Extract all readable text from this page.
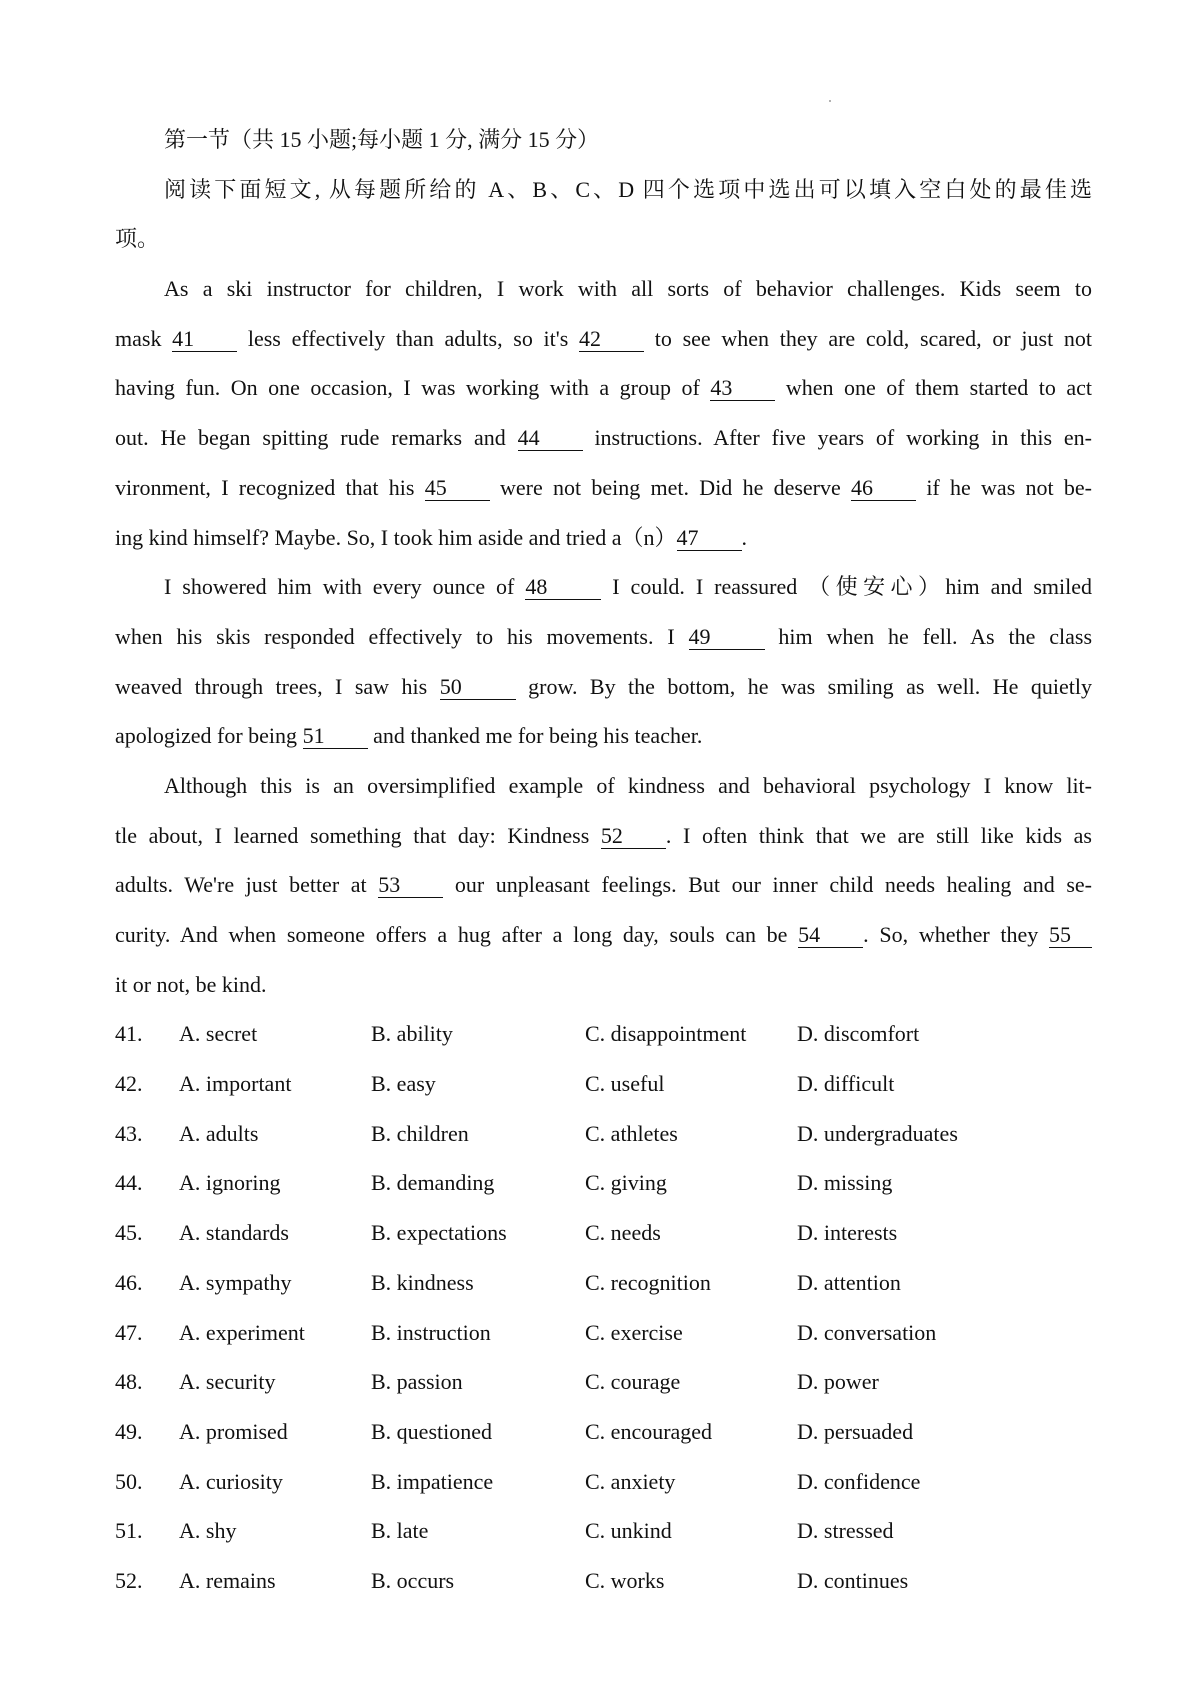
第一节（共 15 小题;每小题 1 分, 满分 15 分）
阅读下面短文, 从每题所给的 A、B、C、D 四个选项中选出可以填入空白处的最佳选
项。
As a ski instructor for children, I work with all sorts of behavior challenges. Kids seem to
mask 41 less effectively than adults, so it's 42 to see when they are cold, scared, or just not
having fun. On one occasion, I was working with a group of 43 when one of them started to act
out. He began spitting rude remarks and 44 instructions. After five years of working in this en-
vironment, I recognized that his 45 were not being met. Did he deserve 46 if he was not be-
ing kind himself? Maybe. So, I took him aside and tried a（n）47 .
I showered him with every ounce of 48 I could. I reassured （使安心）him and smiled
when his skis responded effectively to his movements. I 49 him when he fell. As the class
weaved through trees, I saw his 50 grow. By the bottom, he was smiling as well. He quietly
apologized for being 51 and thanked me for being his teacher.
Although this is an oversimplified example of kindness and behavioral psychology I know lit-
tle about, I learned something that day: Kindness 52 . I often think that we are still like kids as
adults. We're just better at 53 our unpleasant feelings. But our inner child needs healing and se-
curity. And when someone offers a hug after a long day, souls can be 54 . So, whether they 55
it or not, be kind.
41. A. secret	B. ability	C. disappointment D. discomfort
42. A. important	B. easy	C. useful	D. difficult
43. A. adults	B. children	C. athletes	D. undergraduates
44. A. ignoring	B. demanding	C. giving	D. missing
45. A. standards	B. expectations	C. needs	D. interests
46. A. sympathy	B. kindness	C. recognition	D. attention
47. A. experiment	B. instruction	C. exercise	D. conversation
48. A. security	B. passion	C. courage	D. power
49. A. promised	B. questioned	C. encouraged	D. persuaded
50. A. curiosity	B. impatience	C. anxiety	D. confidence
51. A. shy	B. late	C. unkind	D. stressed
52. A. remains	B. occurs	C. works	D. continues
